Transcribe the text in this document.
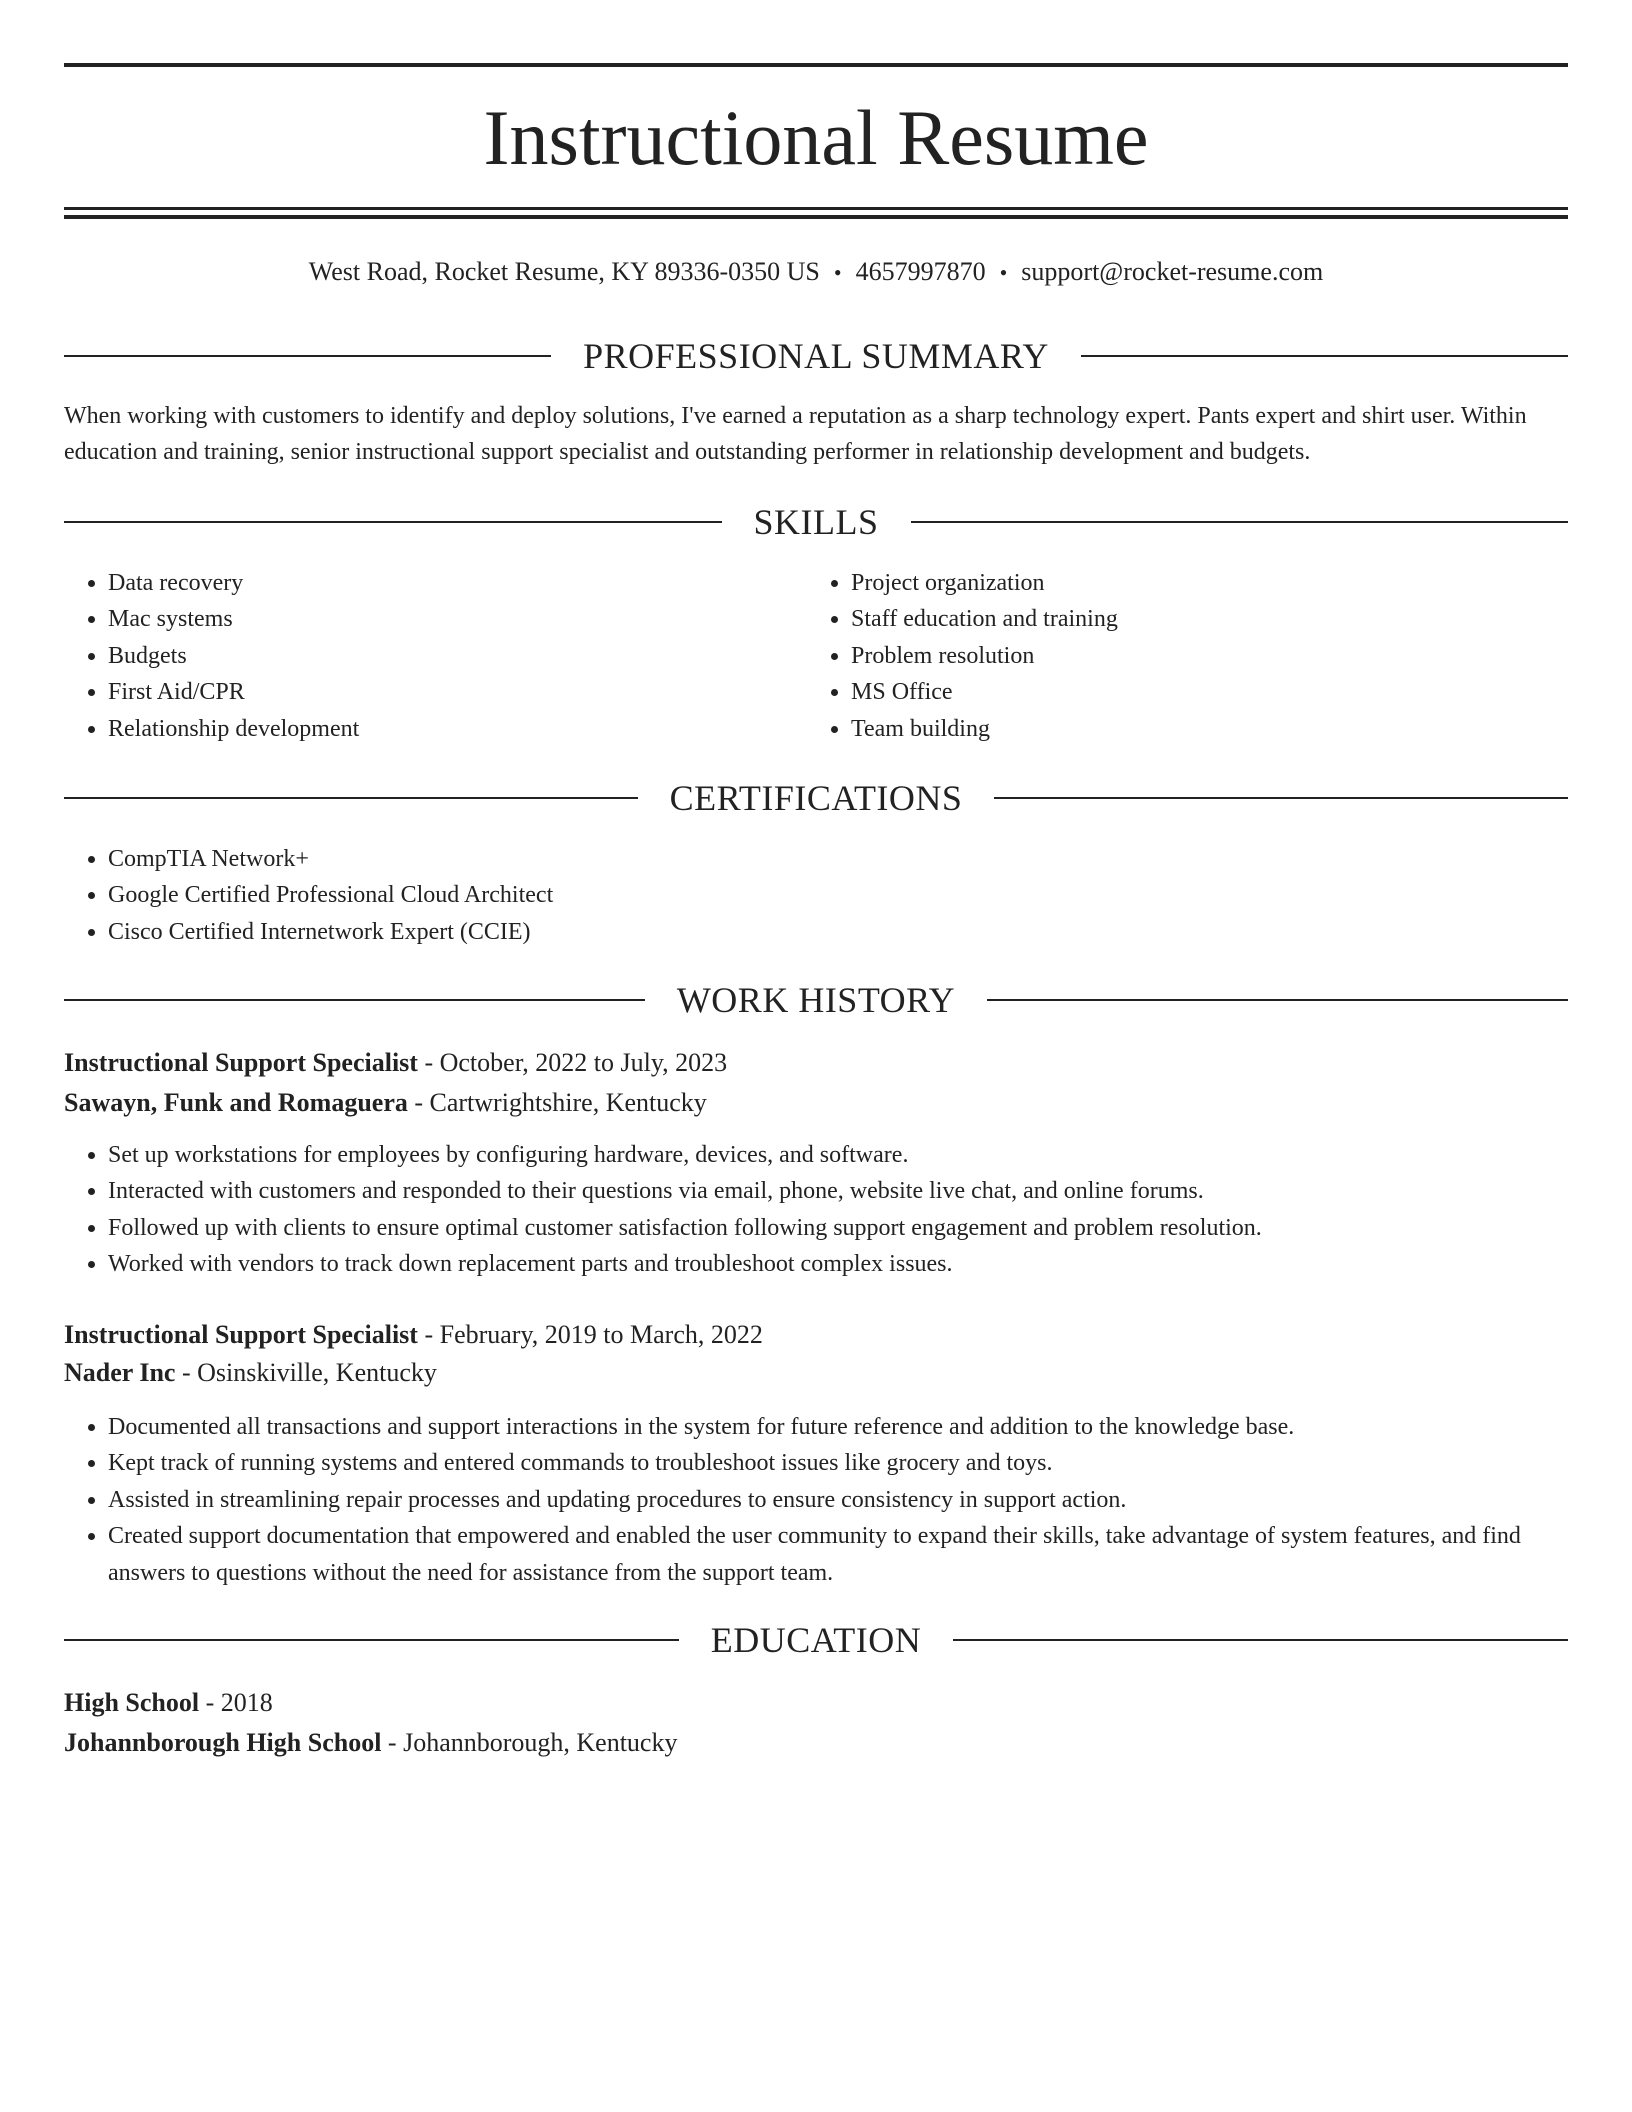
Instructional Resume
West Road, Rocket Resume, KY 89336-0350 US • 4657997870 • support@rocket-resume.com
PROFESSIONAL SUMMARY

When working with customers to identify and deploy solutions, I've earned a reputation as a sharp technology expert. Pants expert and shirt user. Within education and training, senior instructional support specialist and outstanding performer in relationship development and budgets.

SKILLS
• Data recovery
• Mac systems
• Budgets
• First Aid/CPR
• Relationship development
• Project organization
• Staff education and training
• Problem resolution
• MS Office
• Team building
CERTIFICATIONS
• CompTIA Network+
• Google Certified Professional Cloud Architect
• Cisco Certified Internetwork Expert (CCIE)
WORK HISTORY
Instructional Support Specialist - October, 2022 to July, 2023
Sawayn, Funk and Romaguera - Cartwrightshire, Kentucky
• Set up workstations for employees by configuring hardware, devices, and software.
• Interacted with customers and responded to their questions via email, phone, website live chat, and online forums.
• Followed up with clients to ensure optimal customer satisfaction following support engagement and problem resolution.
• Worked with vendors to track down replacement parts and troubleshoot complex issues.
Instructional Support Specialist - February, 2019 to March, 2022
Nader Inc - Osinskiville, Kentucky
• Documented all transactions and support interactions in the system for future reference and addition to the knowledge base.
• Kept track of running systems and entered commands to troubleshoot issues like grocery and toys.
• Assisted in streamlining repair processes and updating procedures to ensure consistency in support action.
• Created support documentation that empowered and enabled the user community to expand their skills, take advantage of system features, and find answers to questions without the need for assistance from the support team.
EDUCATION
High School - 2018
Johannborough High School - Johannborough, Kentucky
